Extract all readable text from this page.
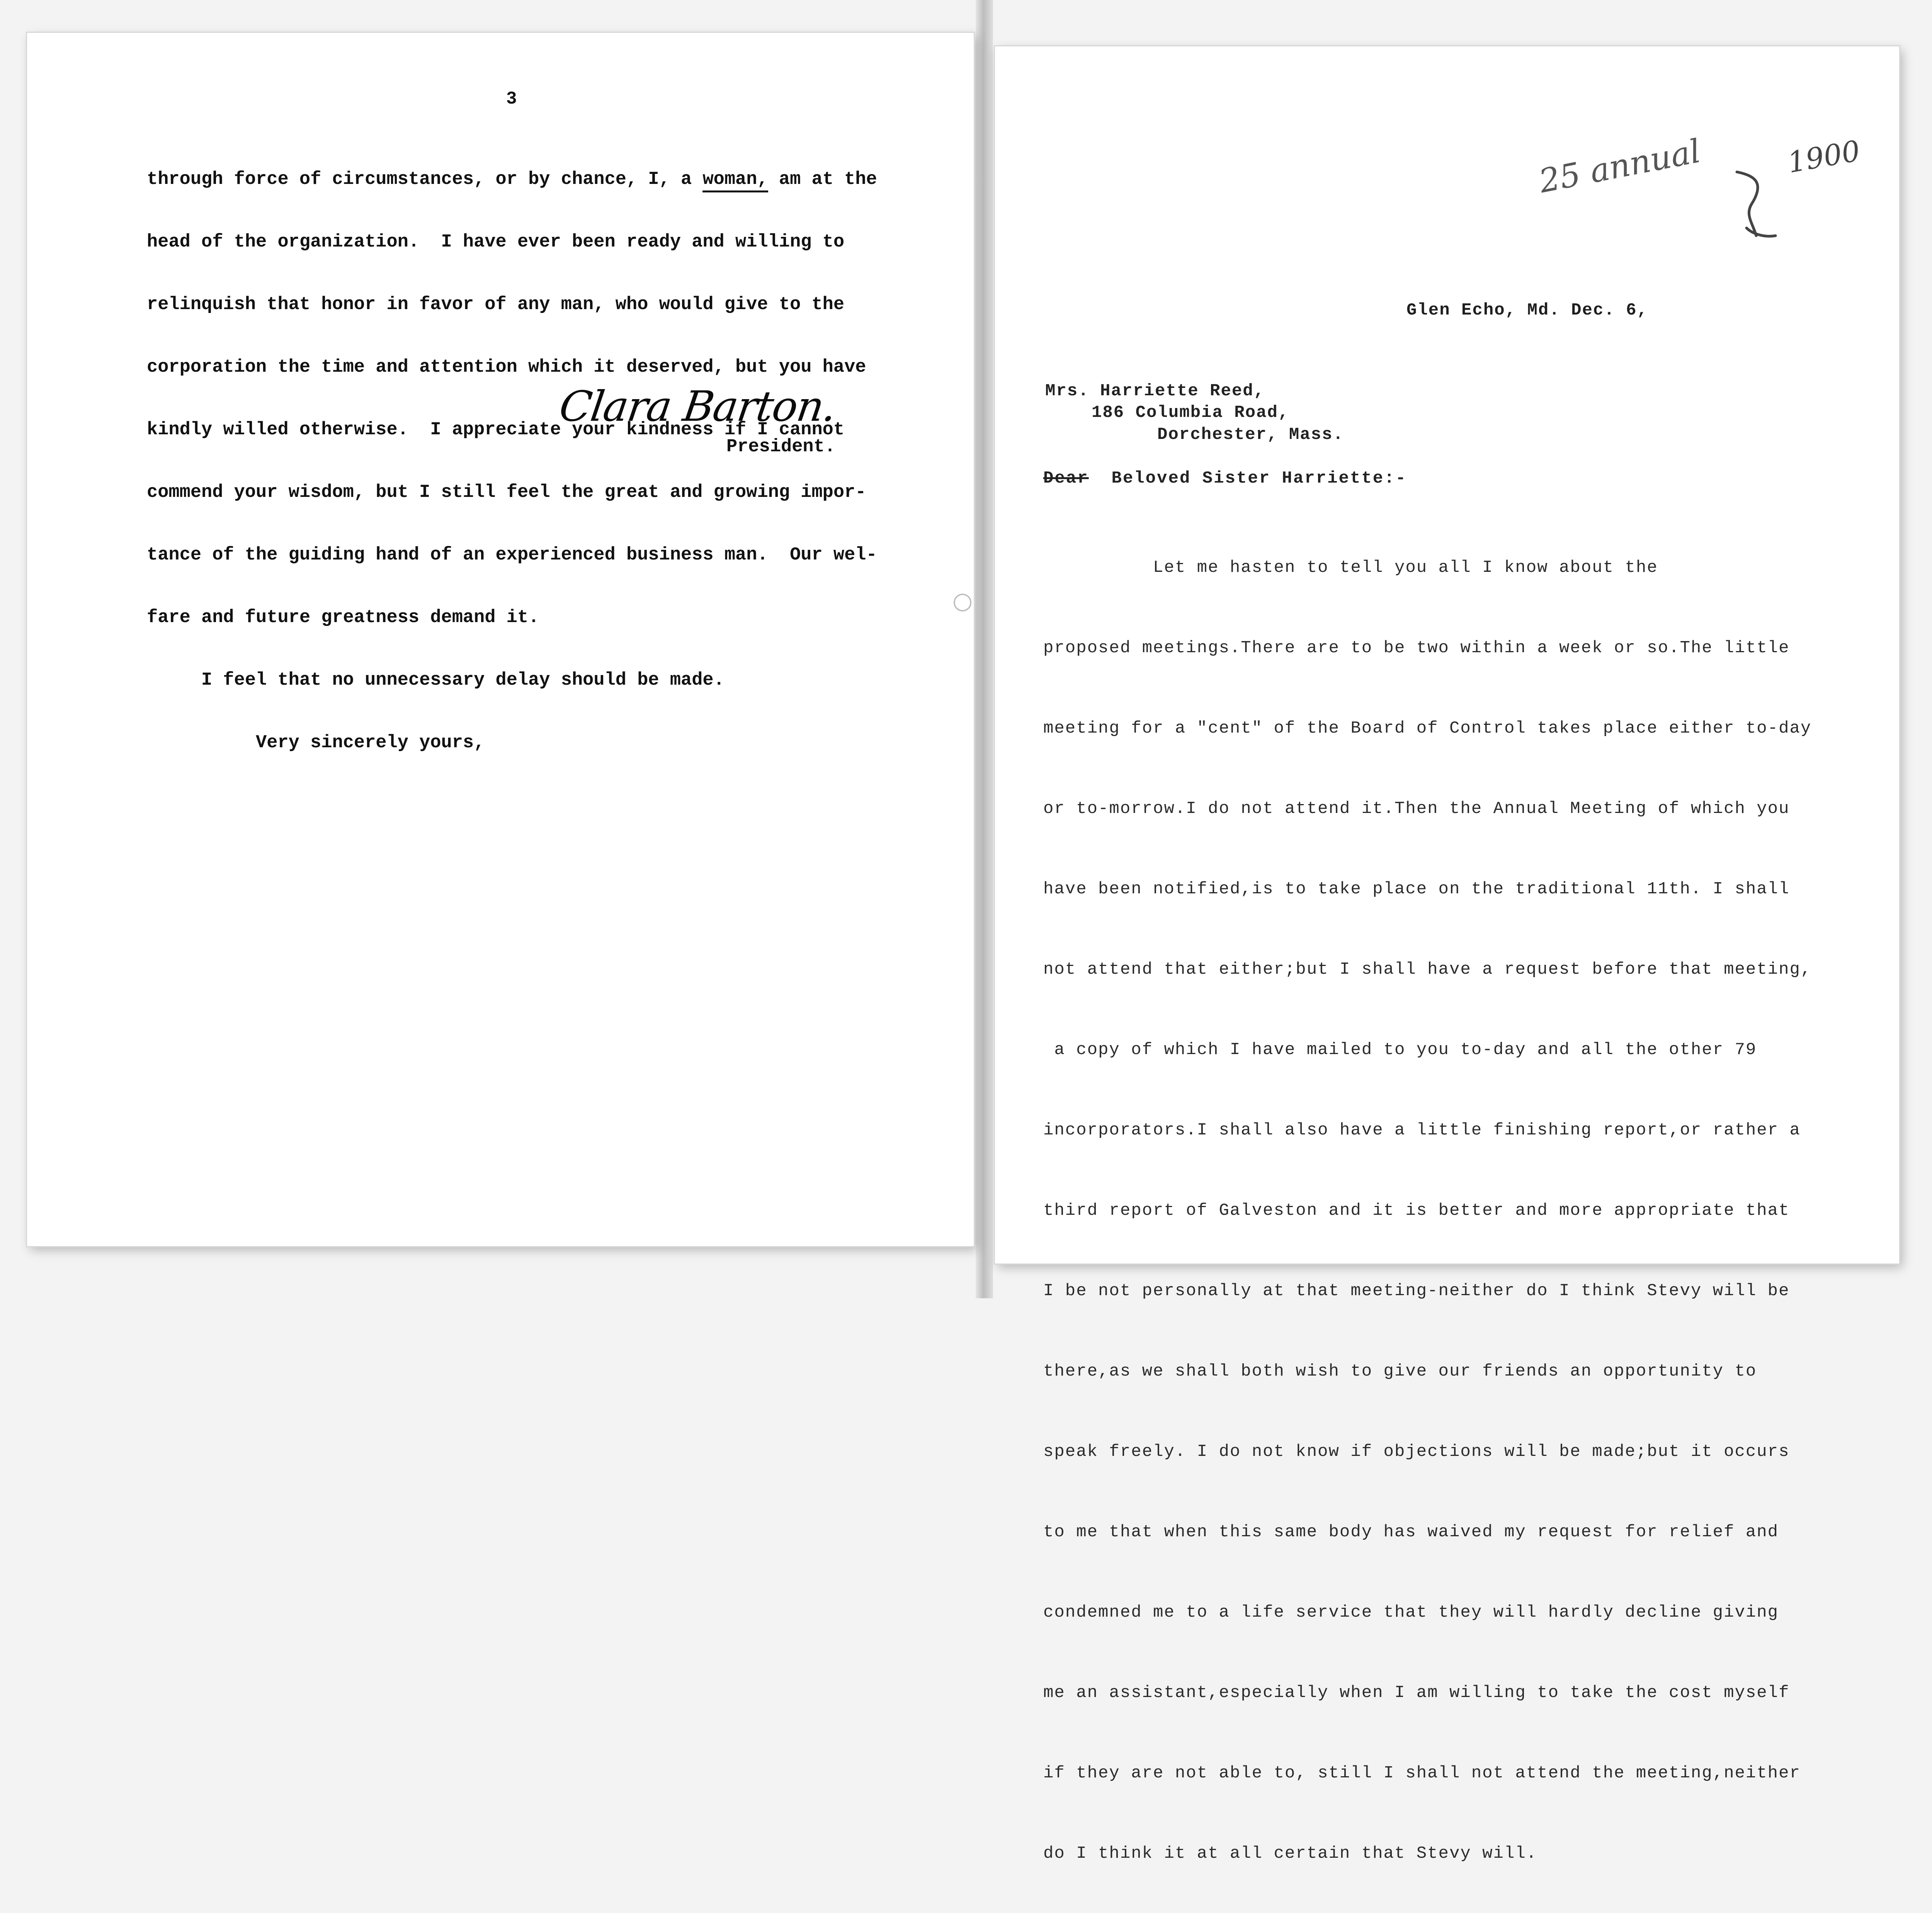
3

through force of circumstances, or by chance, I, a woman, am at the

head of the organization.  I have ever been ready and willing to

relinquish that honor in favor of any man, who would give to the

corporation the time and attention which it deserved, but you have

kindly willed otherwise.  I appreciate your kindness if I cannot

commend your wisdom, but I still feel the great and growing impor-

tance of the guiding hand of an experienced business man.  Our wel-

fare and future greatness demand it.

I feel that no unnecessary delay should be made.

Very sincerely yours,

Clara Barton.
President.
○
25 annual	1900
Glen Echo, Md. Dec. 6,
Mrs. Harriette Reed,
186 Columbia Road,
Dorchester, Mass.
Dear Beloved Sister Harriette:-

Let me hasten to tell you all I know about the

proposed meetings.There are to be two within a week or so.The little

meeting for a "cent" of the Board of Control takes place either to-day

or to-morrow.I do not attend it.Then the Annual Meeting of which you

have been notified,is to take place on the traditional 11th. I shall

not attend that either;but I shall have a request before that meeting,

a copy of which I have mailed to you to-day and all the other 79

incorporators.I shall also have a little finishing report,or rather a

third report of Galveston and it is better and more appropriate that

I be not personally at that meeting-neither do I think Stevy will be

there,as we shall both wish to give our friends an opportunity to

speak freely. I do not know if objections will be made;but it occurs

to me that when this same body has waived my request for relief and

condemned me to a life service that they will hardly decline giving

me an assistant,especially when I am willing to take the cost myself

if they are not able to, still I shall not attend the meeting,neither

do I think it at all certain that Stevy will.
